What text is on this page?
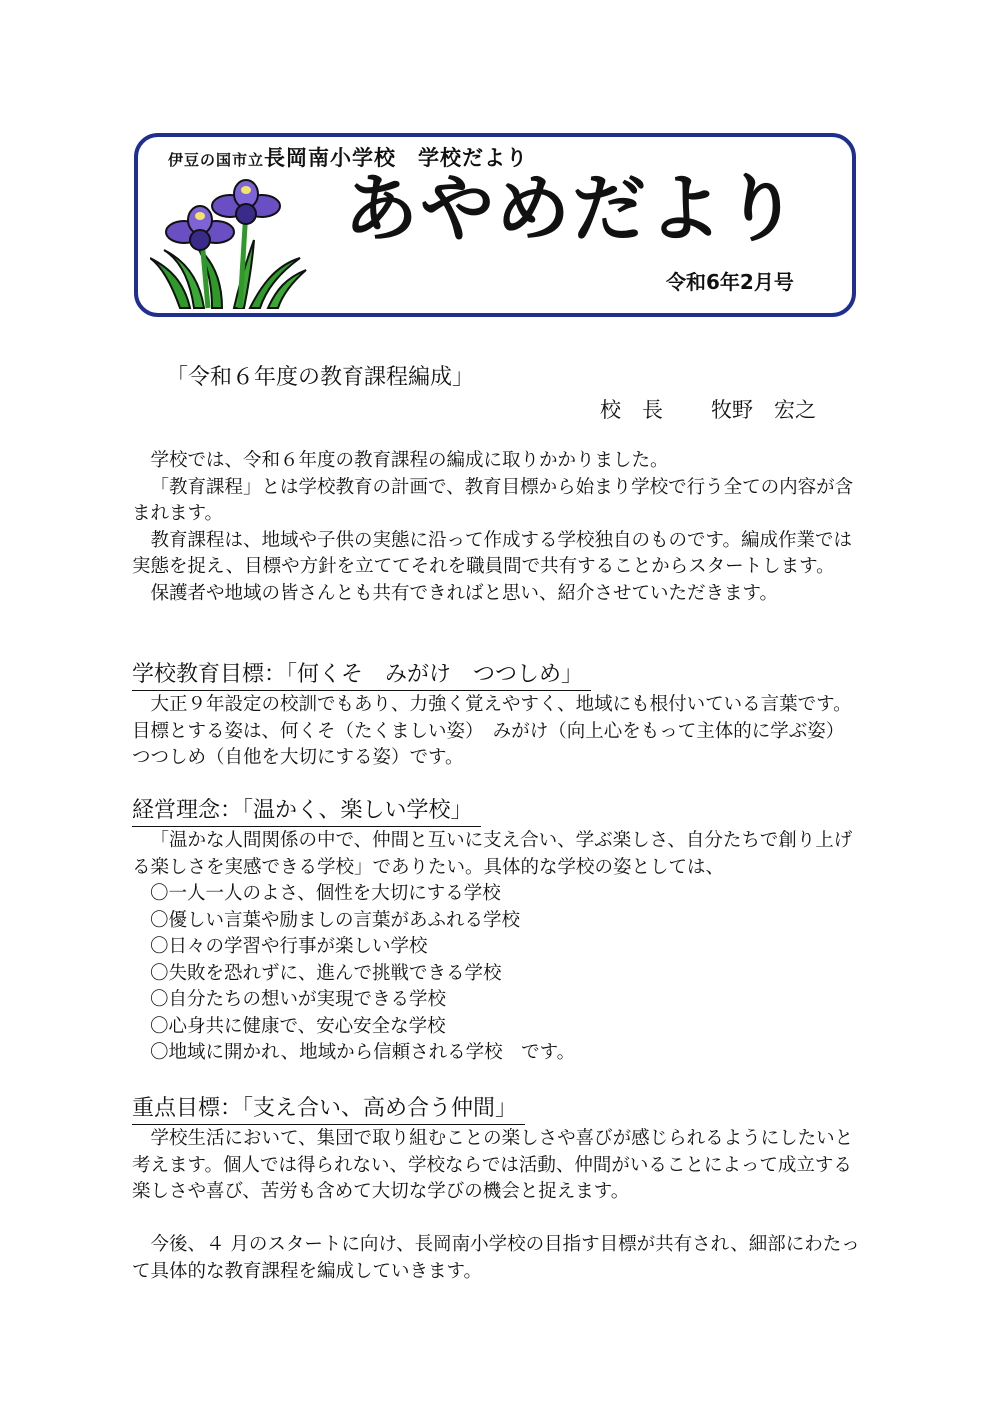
伊豆の国市立長岡南小学校　学校だより
あやめだより
令和6年2月号
「令和６年度の教育課程編成」
校　長 牧野　宏之

学校では、令和６年度の教育課程の編成に取りかかりました。

「教育課程」とは学校教育の計画で、教育目標から始まり学校で行う全ての内容が含まれます。

教育課程は、地域や子供の実態に沿って作成する学校独自のものです。編成作業では実態を捉え、目標や方針を立ててそれを職員間で共有することからスタートします。

保護者や地域の皆さんとも共有できればと思い、紹介させていただきます。

学校教育目標：「何くそ　みがけ　つつしめ」

大正９年設定の校訓でもあり、力強く覚えやすく、地域にも根付いている言葉です。目標とする姿は、何くそ（たくましい姿）　みがけ（向上心をもって主体的に学ぶ姿）　つつしめ（自他を大切にする姿）です。

経営理念：「温かく、楽しい学校」

「温かな人間関係の中で、仲間と互いに支え合い、学ぶ楽しさ、自分たちで創り上げる楽しさを実感できる学校」でありたい。具体的な学校の姿としては、

〇一人一人のよさ、個性を大切にする学校
〇優しい言葉や励ましの言葉があふれる学校
〇日々の学習や行事が楽しい学校
〇失敗を恐れずに、進んで挑戦できる学校
〇自分たちの想いが実現できる学校
〇心身共に健康で、安心安全な学校
〇地域に開かれ、地域から信頼される学校　です。
重点目標：「支え合い、高め合う仲間」

学校生活において、集団で取り組むことの楽しさや喜びが感じられるようにしたいと考えます。個人では得られない、学校ならでは活動、仲間がいることによって成立する楽しさや喜び、苦労も含めて大切な学びの機会と捉えます。

今後、４ 月のスタートに向け、長岡南小学校の目指す目標が共有され、細部にわたって具体的な教育課程を編成していきます。
